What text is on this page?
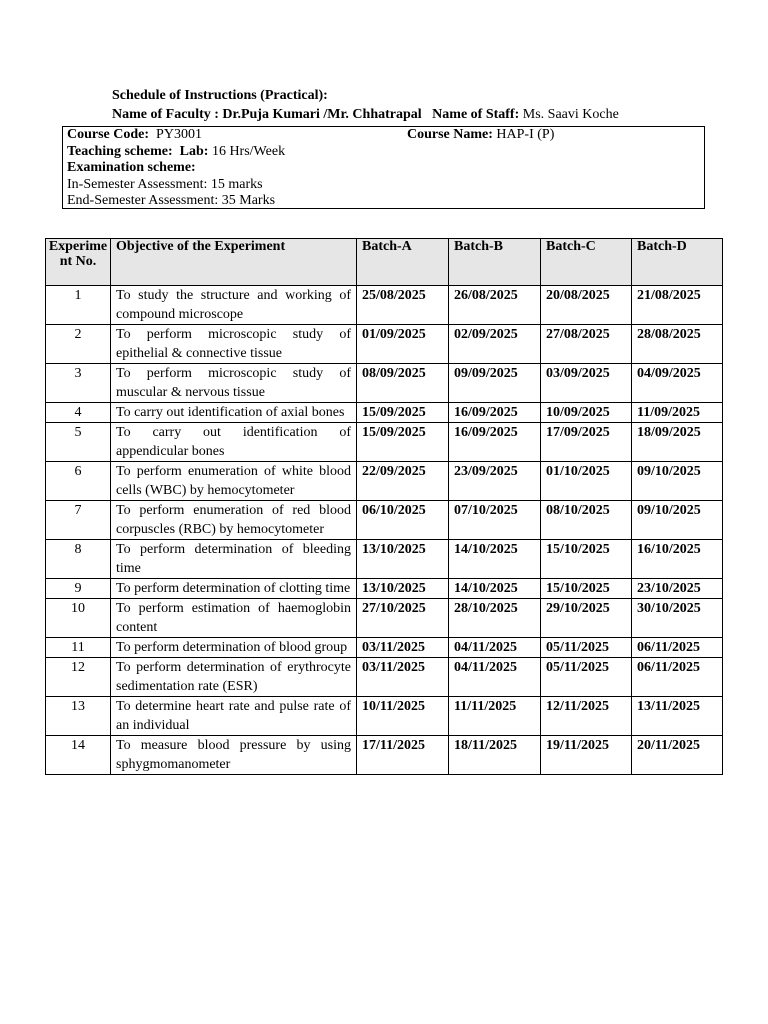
Schedule of Instructions (Practical):
Name of Faculty : Dr.Puja Kumari /Mr. Chhatrapal Name of Staff: Ms. Saavi Koche
Course Code:  PY3001	Course Name: HAP-I (P)
Teaching scheme:  Lab: 16 Hrs/Week
Examination scheme:
In-Semester Assessment: 15 marks
End-Semester Assessment: 35 Marks
Experiment No.	Objective of the Experiment	Batch-A	Batch-B	Batch-C	Batch-D
1	To study the structure and working of compound microscope	25/08/2025	26/08/2025	20/08/2025	21/08/2025
2	To perform microscopic study of epithelial & connective tissue	01/09/2025	02/09/2025	27/08/2025	28/08/2025
3	To perform microscopic study of muscular & nervous tissue	08/09/2025	09/09/2025	03/09/2025	04/09/2025
4	To carry out identification of axial bones	15/09/2025	16/09/2025	10/09/2025	11/09/2025
5	To carry out identification of appendicular bones	15/09/2025	16/09/2025	17/09/2025	18/09/2025
6	To perform enumeration of white blood cells (WBC) by hemocytometer	22/09/2025	23/09/2025	01/10/2025	09/10/2025
7	To perform enumeration of red blood corpuscles (RBC) by hemocytometer	06/10/2025	07/10/2025	08/10/2025	09/10/2025
8	To perform determination of bleeding time	13/10/2025	14/10/2025	15/10/2025	16/10/2025
9	To perform determination of clotting time	13/10/2025	14/10/2025	15/10/2025	23/10/2025
10	To perform estimation of haemoglobin content	27/10/2025	28/10/2025	29/10/2025	30/10/2025
11	To perform determination of blood group	03/11/2025	04/11/2025	05/11/2025	06/11/2025
12	To perform determination of erythrocyte sedimentation rate (ESR)	03/11/2025	04/11/2025	05/11/2025	06/11/2025
13	To determine heart rate and pulse rate of an individual	10/11/2025	11/11/2025	12/11/2025	13/11/2025
14	To measure blood pressure by using sphygmomanometer	17/11/2025	18/11/2025	19/11/2025	20/11/2025
